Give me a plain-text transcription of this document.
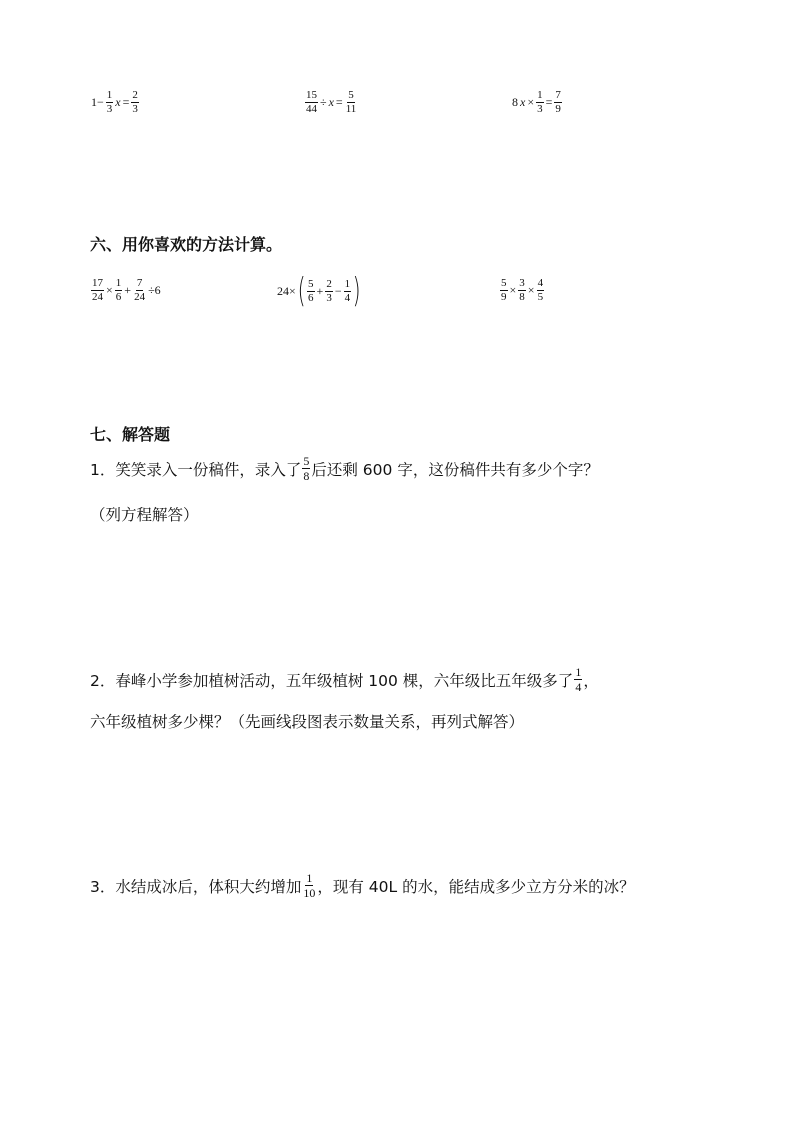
$1- \frac{1}{3}$ $x = \frac{2}{3}$	$\frac{15}{44} \div x = \frac{5}{11}$	8 $x \times \frac{1}{3} = \frac{7}{9}$
六、用你喜欢的方法计算。
$\frac{17}{24} \times \frac{1}{6} + \frac{7}{24} \div 6$	24× ( $\frac{5}{6} + \frac{2}{3} - \frac{1}{4}$ )	$\frac{5}{9} \times \frac{3}{8} \times \frac{4}{5}$
七、解答题
1．笑笑录入一份稿件，录入了 $\frac{5}{8}$ 后还剩 600 字，这份稿件共有多少个字？
（列方程解答）
2．春峰小学参加植树活动，五年级植树 100 棵，六年级比五年级多了 $\frac{1}{4}$ ，
六年级植树多少棵？（先画线段图表示数量关系，再列式解答）
3．水结成冰后，体积大约增加 $\frac{1}{10}$ ，现有 40L 的水，能结成多少立方分米的冰？
